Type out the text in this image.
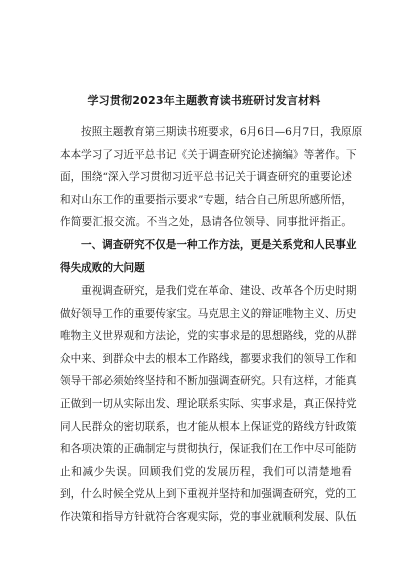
学习贯彻2023年主题教育读书班研讨发言材料
按照主题教育第三期读书班要求，6月6日—6月7日，我原原
本本学习了习近平总书记《关于调查研究论述摘编》等著作。下
面，围绕“深入学习贯彻习近平总书记关于调查研究的重要论述
和对山东工作的重要指示要求”专题，结合自己所思所感所悟，
作简要汇报交流。不当之处，恳请各位领导、同事批评指正。
一、调查研究不仅是一种工作方法，更是关系党和人民事业
得失成败的大问题
重视调查研究，是我们党在革命、建设、改革各个历史时期
做好领导工作的重要传家宝。马克思主义的辩证唯物主义、历史
唯物主义世界观和方法论，党的实事求是的思想路线，党的从群
众中来、到群众中去的根本工作路线，都要求我们的领导工作和
领导干部必须始终坚持和不断加强调查研究。只有这样，才能真
正做到一切从实际出发、理论联系实际、实事求是，真正保持党
同人民群众的密切联系，也才能从根本上保证党的路线方针政策
和各项决策的正确制定与贯彻执行，保证我们在工作中尽可能防
止和减少失误。回顾我们党的发展历程，我们可以清楚地看
到，什么时候全党从上到下重视并坚持和加强调查研究，党的工
作决策和指导方针就符合客观实际，党的事业就顺利发展、队伍
